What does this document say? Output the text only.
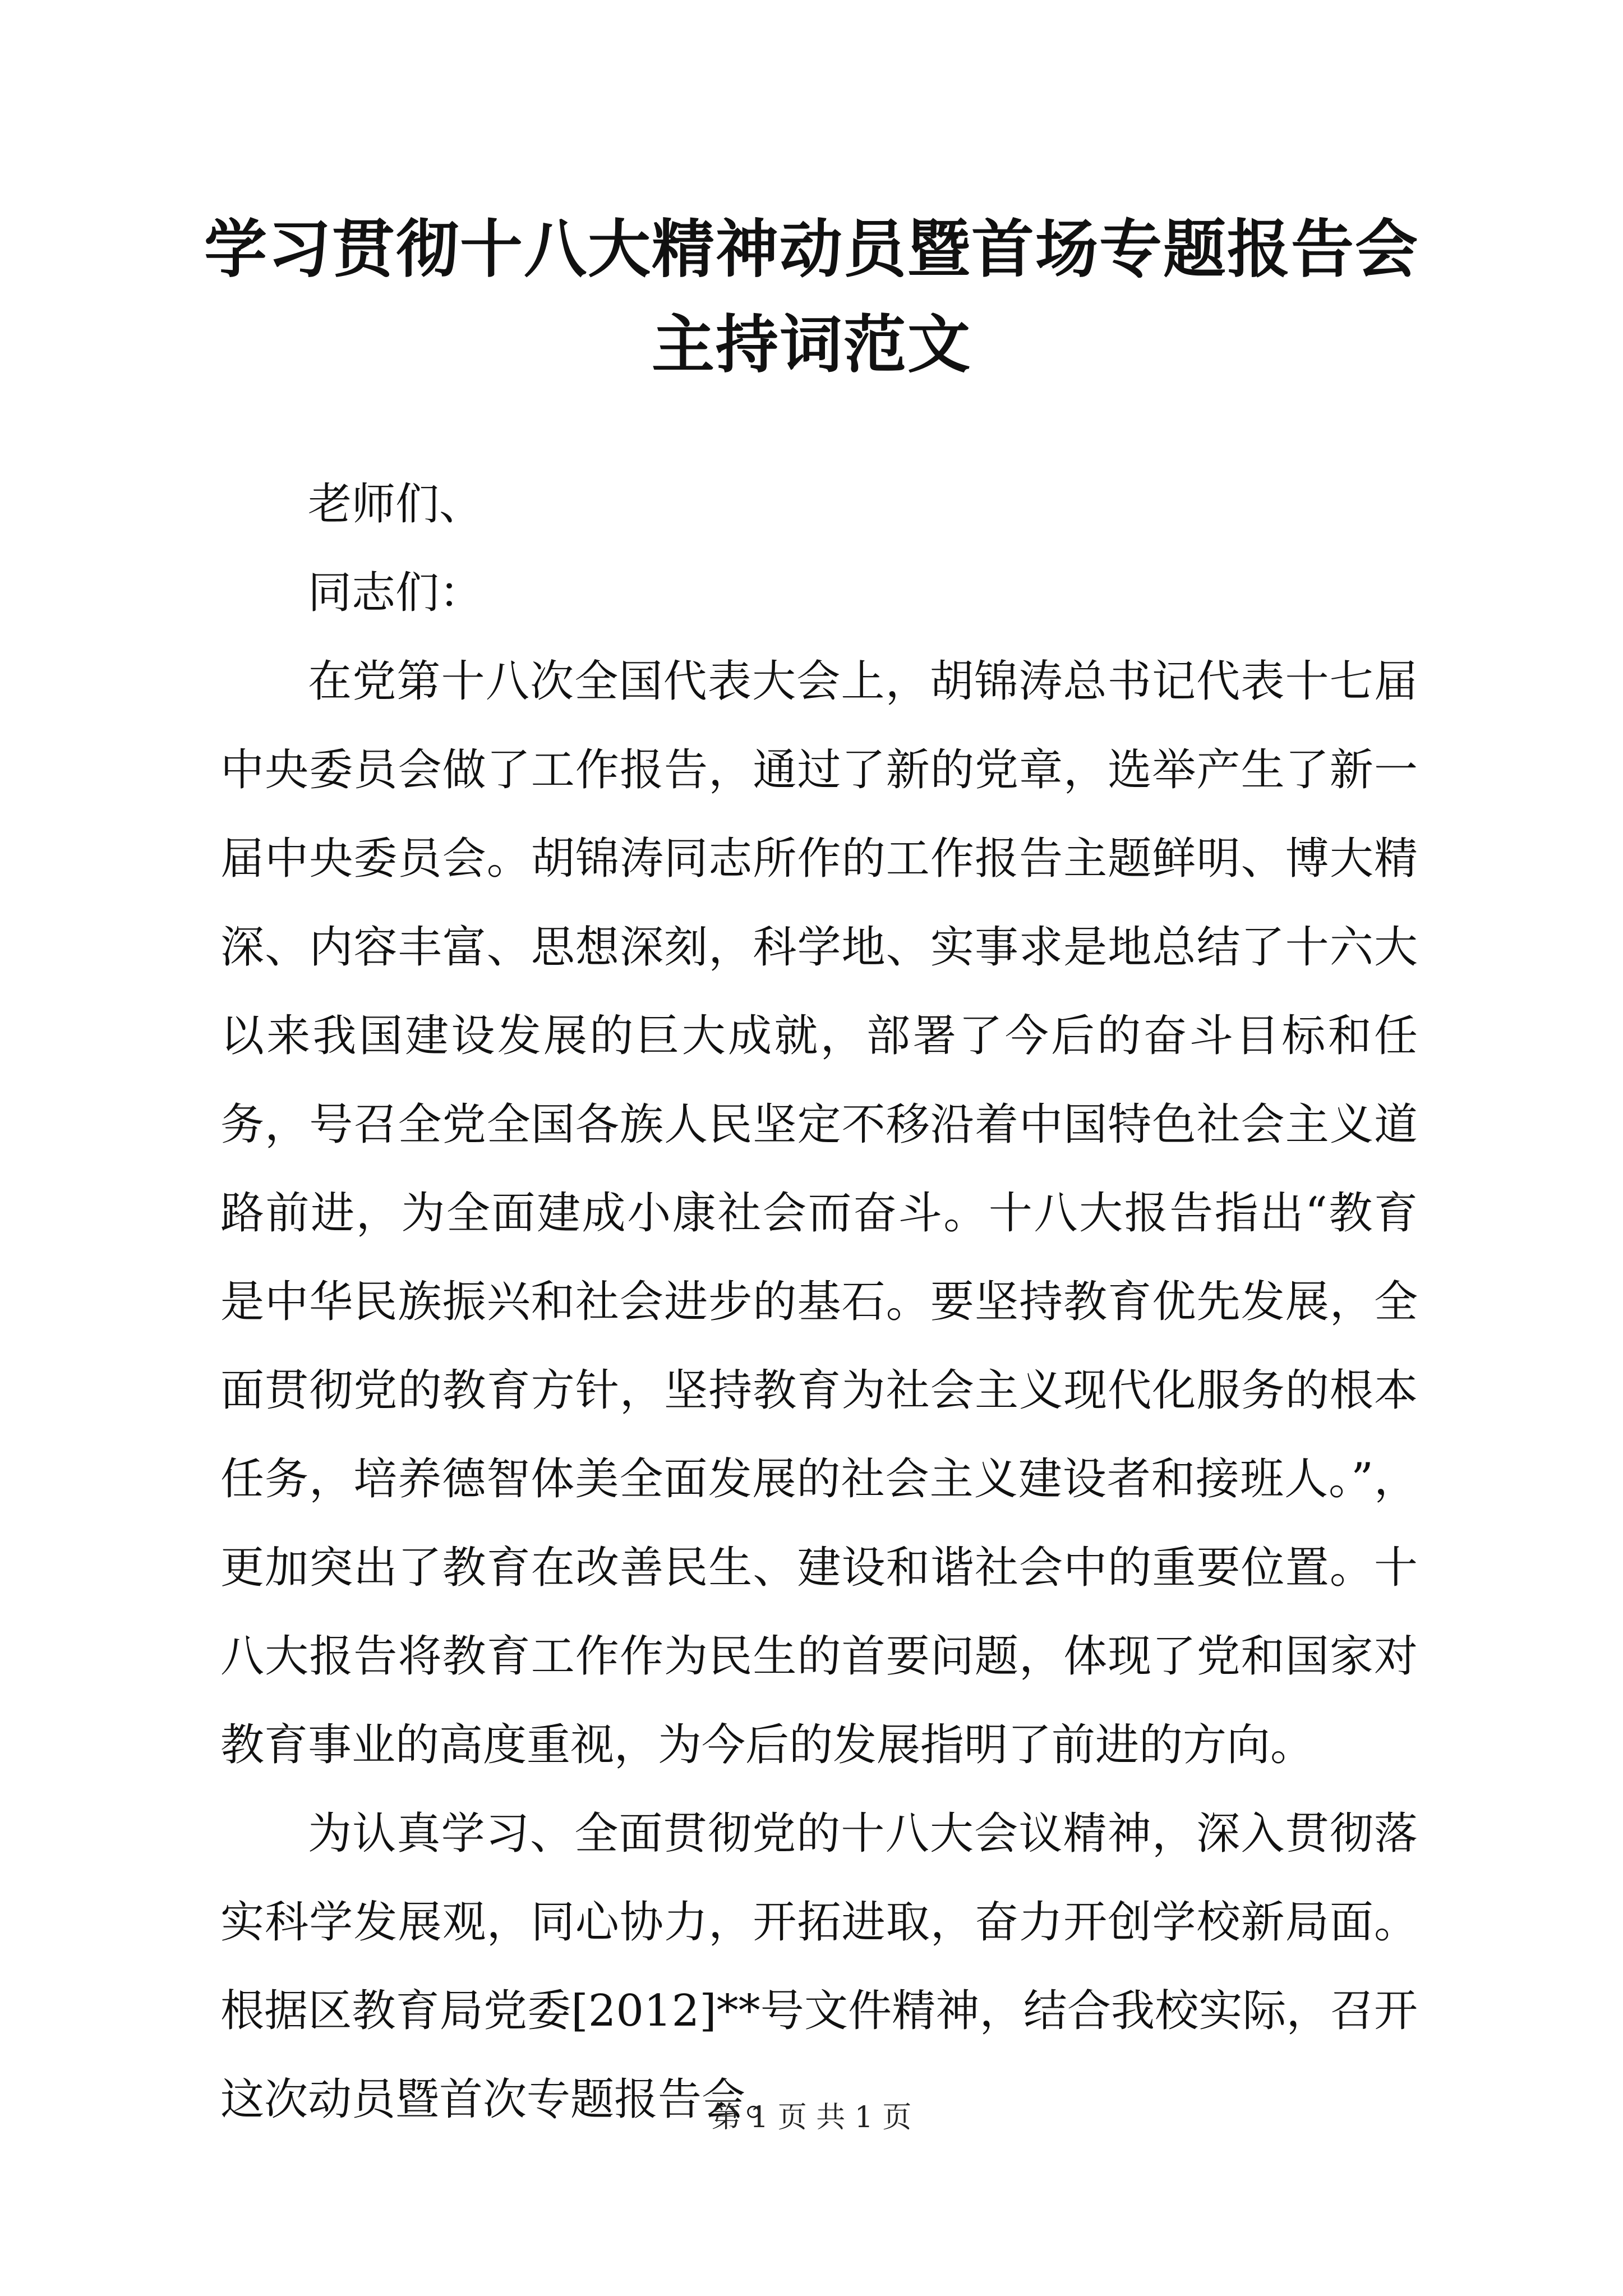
学习贯彻十八大精神动员暨首场专题报告会主持词范文

老师们、

同志们：

在党第十八次全国代表大会上，胡锦涛总书记代表十七届中央委员会做了工作报告，通过了新的党章，选举产生了新一届中央委员会。胡锦涛同志所作的工作报告主题鲜明、博大精深、内容丰富、思想深刻，科学地、实事求是地总结了十六大以来我国建设发展的巨大成就，部署了今后的奋斗目标和任务，号召全党全国各族人民坚定不移沿着中国特色社会主义道路前进，为全面建成小康社会而奋斗。十八大报告指出“教育是中华民族振兴和社会进步的基石。要坚持教育优先发展，全面贯彻党的教育方针，坚持教育为社会主义现代化服务的根本任务，培养德智体美全面发展的社会主义建设者和接班人。”，更加突出了教育在改善民生、建设和谐社会中的重要位置。十八大报告将教育工作作为民生的首要问题，体现了党和国家对教育事业的高度重视，为今后的发展指明了前进的方向。

为认真学习、全面贯彻党的十八大会议精神，深入贯彻落实科学发展观，同心协力，开拓进取，奋力开创学校新局面。根据区教育局党委[2012]**号文件精神，结合我校实际，召开这次动员暨首次专题报告会。

第 1 页 共 1 页
